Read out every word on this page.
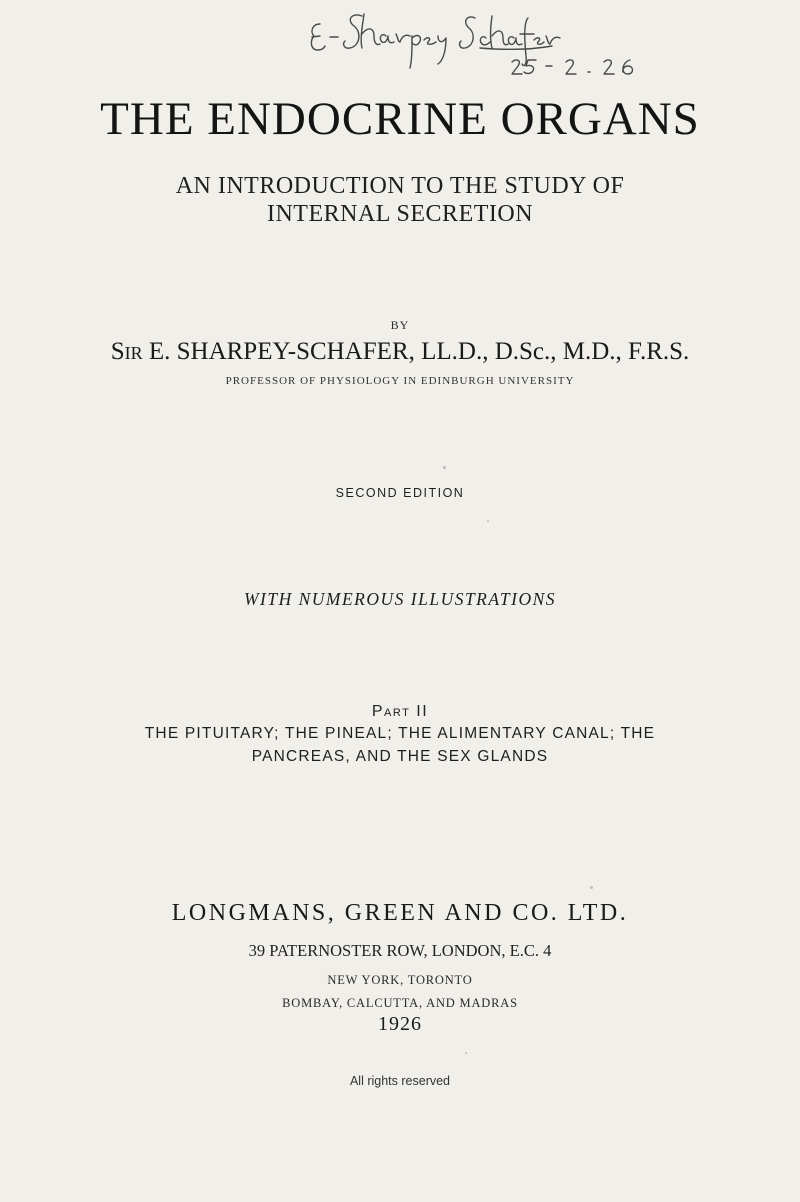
THE ENDOCRINE ORGANS
AN INTRODUCTION TO THE STUDY OF
INTERNAL SECRETION
BY
Sir E. SHARPEY-SCHAFER, LL.D., D.Sc., M.D., F.R.S.
PROFESSOR OF PHYSIOLOGY IN EDINBURGH UNIVERSITY
SECOND EDITION
WITH NUMEROUS ILLUSTRATIONS
Part II
THE PITUITARY; THE PINEAL; THE ALIMENTARY CANAL; THE
PANCREAS, AND THE SEX GLANDS
LONGMANS, GREEN AND CO. LTD.
39 PATERNOSTER ROW, LONDON, E.C. 4
NEW YORK, TORONTO
BOMBAY, CALCUTTA, AND MADRAS
1926
All rights reserved
